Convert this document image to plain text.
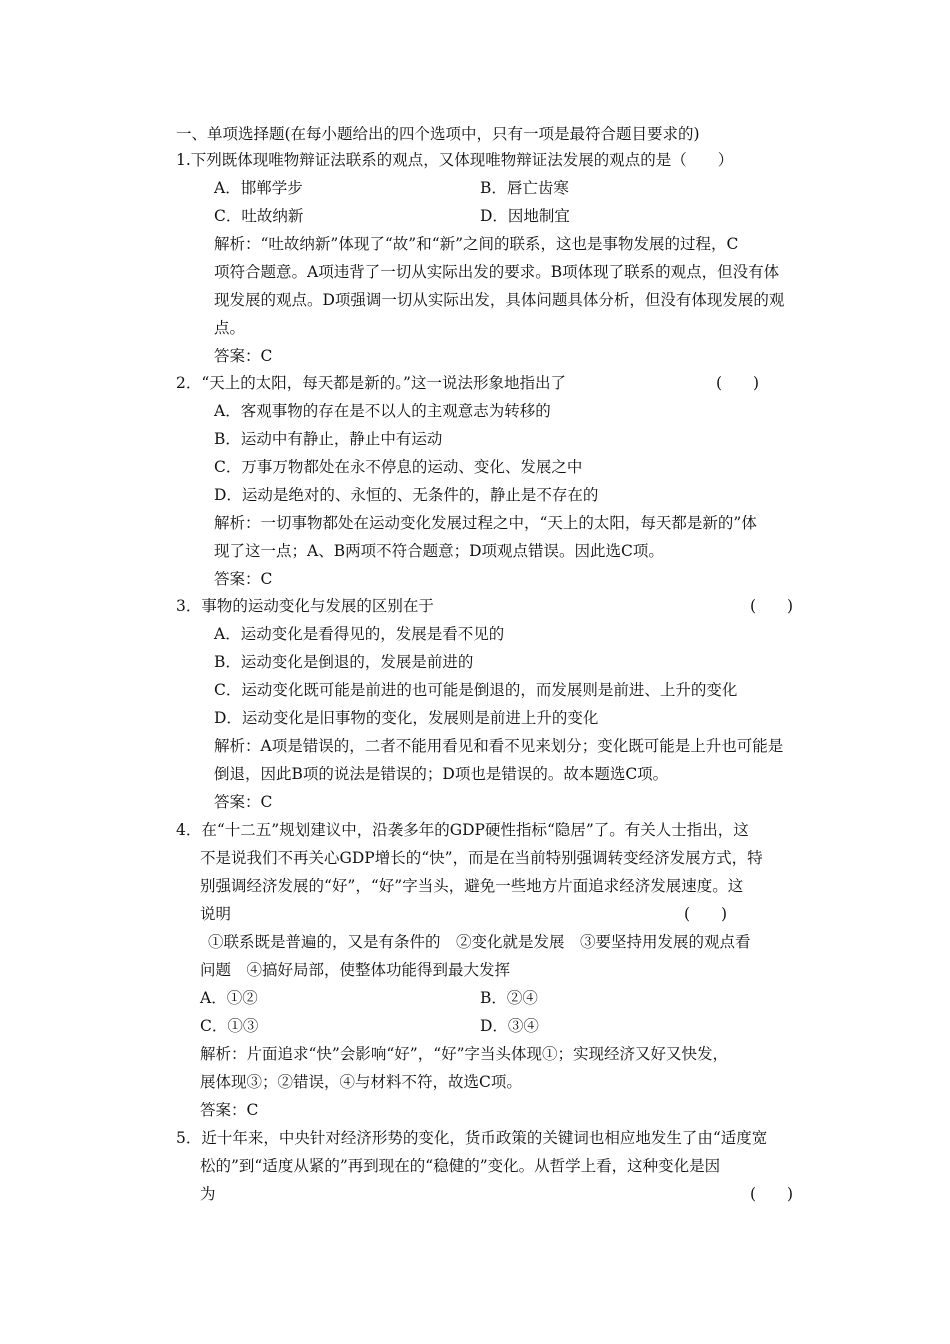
一、单项选择题(在每小题给出的四个选项中，只有一项是最符合题目要求的)
1.下列既体现唯物辩证法联系的观点，又体现唯物辩证法发展的观点的是（　　）
A．邯郸学步	B．唇亡齿寒
C．吐故纳新	D．因地制宜
解析：“吐故纳新”体现了“故”和“新”之间的联系，这也是事物发展的过程，C
项符合题意。A项违背了一切从实际出发的要求。B项体现了联系的观点，但没有体
现发展的观点。D项强调一切从实际出发，具体问题具体分析，但没有体现发展的观
点。
答案：C
2．“天上的太阳，每天都是新的。”这一说法形象地指出了	(　　)
A．客观事物的存在是不以人的主观意志为转移的
B．运动中有静止，静止中有运动
C．万事万物都处在永不停息的运动、变化、发展之中
D．运动是绝对的、永恒的、无条件的，静止是不存在的
解析：一切事物都处在运动变化发展过程之中，“天上的太阳，每天都是新的”体
现了这一点；A、B两项不符合题意；D项观点错误。因此选C项。
答案：C
3．事物的运动变化与发展的区别在于	(　　)
A．运动变化是看得见的，发展是看不见的
B．运动变化是倒退的，发展是前进的
C．运动变化既可能是前进的也可能是倒退的，而发展则是前进、上升的变化
D．运动变化是旧事物的变化，发展则是前进上升的变化
解析：A项是错误的，二者不能用看见和看不见来划分；变化既可能是上升也可能是
倒退，因此B项的说法是错误的；D项也是错误的。故本题选C项。
答案：C
4．在“十二五”规划建议中，沿袭多年的GDP硬性指标“隐居”了。有关人士指出，这
不是说我们不再关心GDP增长的“快”，而是在当前特别强调转变经济发展方式，特
别强调经济发展的“好”，“好”字当头，避免一些地方片面追求经济发展速度。这
说明	(　　)
①联系既是普遍的，又是有条件的　②变化就是发展　③要坚持用发展的观点看
问题　④搞好局部，使整体功能得到最大发挥
A．①②	B．②④
C．①③	D．③④
解析：片面追求“快”会影响“好”，“好”字当头体现①；实现经济又好又快发，
展体现③；②错误，④与材料不符，故选C项。
答案：C
5．近十年来，中央针对经济形势的变化，货币政策的关键词也相应地发生了由“适度宽
松的”到“适度从紧的”再到现在的“稳健的”变化。从哲学上看，这种变化是因
为	(　　)
